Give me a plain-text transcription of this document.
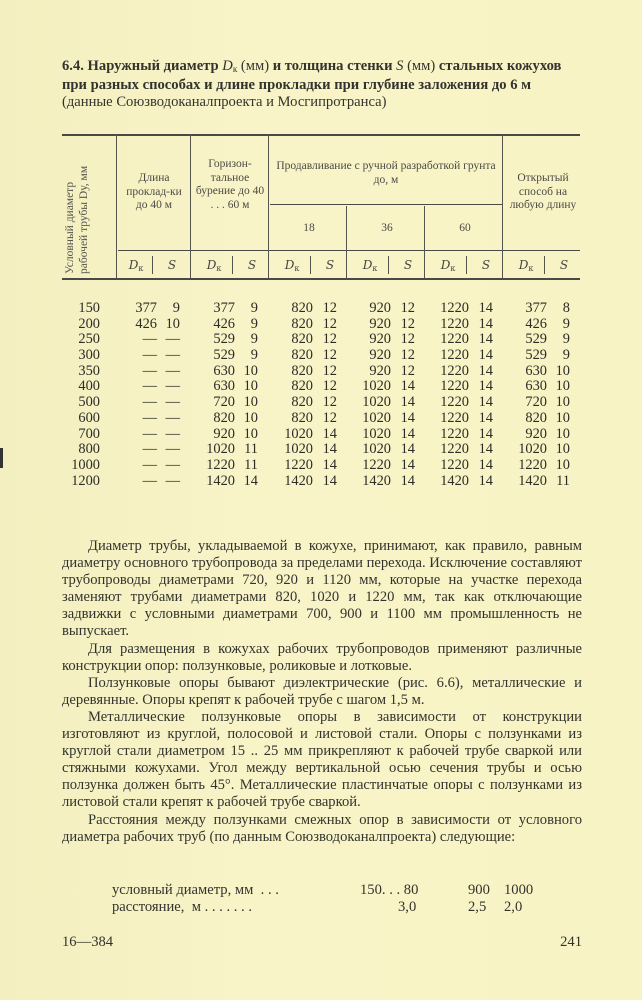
6.4. Наружный диаметр $D_к$ (мм) и толщина стенки S (мм) стальных кожухов при разных способах и длине прокладки при глубине заложения до 6 м (данные Союзводоканалпроекта и Мосгипротранса)
Условный диаметр рабочей трубы Dу, мм	Длина проклад-ки до 40 м
Горизон-тальное бурение до 40 . . . 60 м
Продавливание с ручной разработкой грунта до, м
18	36	60
Открытый способ на любую длину
Dк	S	Dк	S	Dк	S	Dк	S	Dк	S	Dк	S
150 377 9 377 9 820 12 920 12 1220 14 377 8
200 426 10 426 9 820 12 920 12 1220 14 426 9
250	— — 529 9 820 12 920 12 1220 14 529 9
300	— — 529 9 820 12 920 12 1220 14 529 9
350	— — 630 10 820 12 920 12 1220 14 630 10
400	— — 630 10 820 12 1020 14 1220 14 630 10
500	— — 720 10 820 12 1020 14 1220 14 720 10
600	— — 820 10 820 12 1020 14 1220 14 820 10
700	— — 920 10 1020 14 1020 14 1220 14 920 10
800	— — 1020 11 1020 14 1020 14 1220 14 1020 10
1000	— — 1220 11 1220 14 1220 14 1220 14 1220 10
1200	— — 1420 14 1420 14 1420 14 1420 14 1420 11

Диаметр трубы, укладываемой в кожухе, принимают, как правило, равным диаметру основного трубопровода за пределами перехода. Исключение составляют трубопроводы диаметрами 720, 920 и 1120 мм, которые на участке перехода заменяют трубами диаметрами 820, 1020 и 1220 мм, так как отключающие задвижки с условными диаметрами 700, 900 и 1100 мм промышленность не выпускает.

Для размещения в кожухах рабочих трубопроводов применяют различные конструкции опор: ползунковые, роликовые и лотковые.

Ползунковые опоры бывают диэлектрические (рис. 6.6), металлические и деревянные. Опоры крепят к рабочей трубе с шагом 1,5 м.

Металлические ползунковые опоры в зависимости от конструкции изготовляют из круглой, полосовой и листовой стали. Опоры с ползунками из круглой стали диаметром 15 .. 25 мм прикрепляют к рабочей трубе сваркой или стяжными кожухами. Угол между вертикальной осью сечения трубы и осью ползунка должен быть 45°. Металлические пластинчатые опоры с ползунками из листовой стали крепят к рабочей трубе сваркой.

Расстояния между ползунками смежных опор в зависимости от условного диаметра рабочих труб (по данным Союзводоканалпроекта) следующие:

условный диаметр, мм  . . .	150. . . 80	900 1000
расстояние,  м . . . . . . .	3,0	2,5 2,0
16—384	241
